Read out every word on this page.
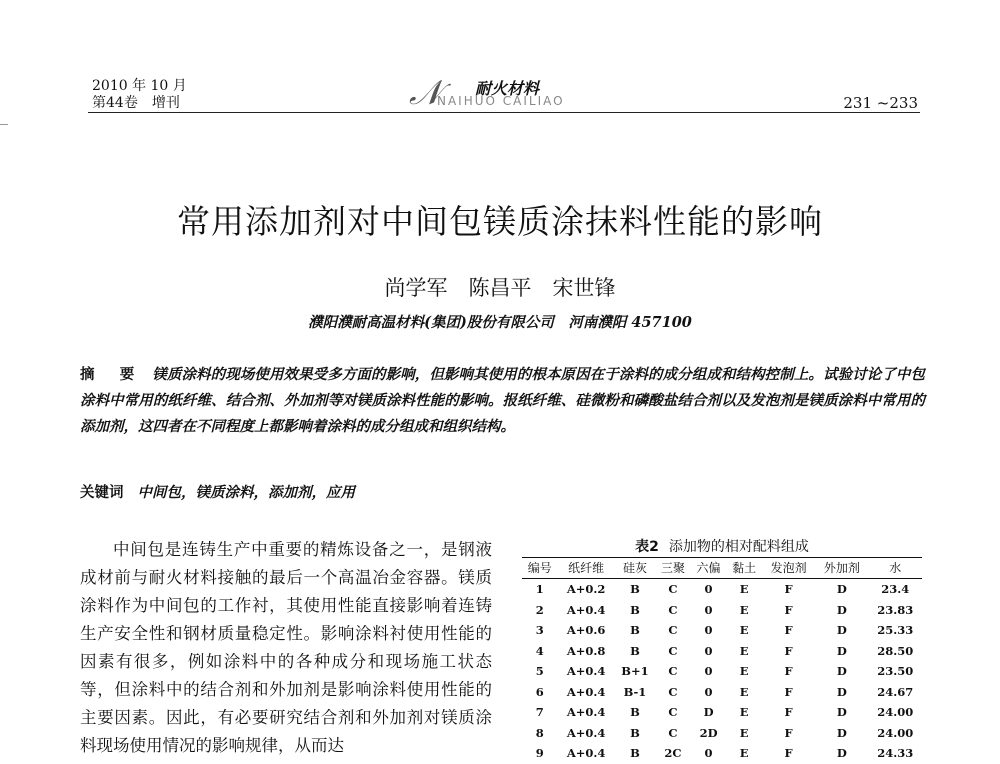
2010 年 10 月
第44卷　增刊	𝒩 耐火材料
NAIHUO CAILIAO	231 ~233
常用添加剂对中间包镁质涂抹料性能的影响
尚学军　陈昌平　宋世锋
濮阳濮耐高温材料(集团)股份有限公司　河南濮阳 457100
摘 要 镁质涂料的现场使用效果受多方面的影响，但影响其使用的根本原因在于涂料的成分组成和结构控制上。试验讨论了中包涂料中常用的纸纤维、结合剂、外加剂等对镁质涂料性能的影响。报纸纤维、硅微粉和磷酸盐结合剂以及发泡剂是镁质涂料中常用的添加剂，这四者在不同程度上都影响着涂料的成分组成和组织结构。
关键词 中间包，镁质涂料，添加剂，应用
中间包是连铸生产中重要的精炼设备之一，是钢液成材前与耐火材料接触的最后一个高温冶金容器。镁质涂料作为中间包的工作衬，其使用性能直接影响着连铸生产安全性和钢材质量稳定性。影响涂料衬使用性能的因素有很多，例如涂料中的各种成分和现场施工状态等，但涂料中的结合剂和外加剂是影响涂料使用性能的主要因素。因此，有必要研究结合剂和外加剂对镁质涂料现场使用情况的影响规律，从而达
表2 添加物的相对配料组成
编号	纸纤维	硅灰	三聚	六偏	黏土	发泡剂	外加剂	水
1	A+0.2	B	C	0	E	F	D	23.4
2	A+0.4	B	C	0	E	F	D	23.83
3	A+0.6	B	C	0	E	F	D	25.33
4	A+0.8	B	C	0	E	F	D	28.50
5	A+0.4	B+1	C	0	E	F	D	23.50
6	A+0.4	B-1	C	0	E	F	D	24.67
7	A+0.4	B	C	D	E	F	D	24.00
8	A+0.4	B	C	2D	E	F	D	24.00
9	A+0.4	B	2C	0	E	F	D	24.33
